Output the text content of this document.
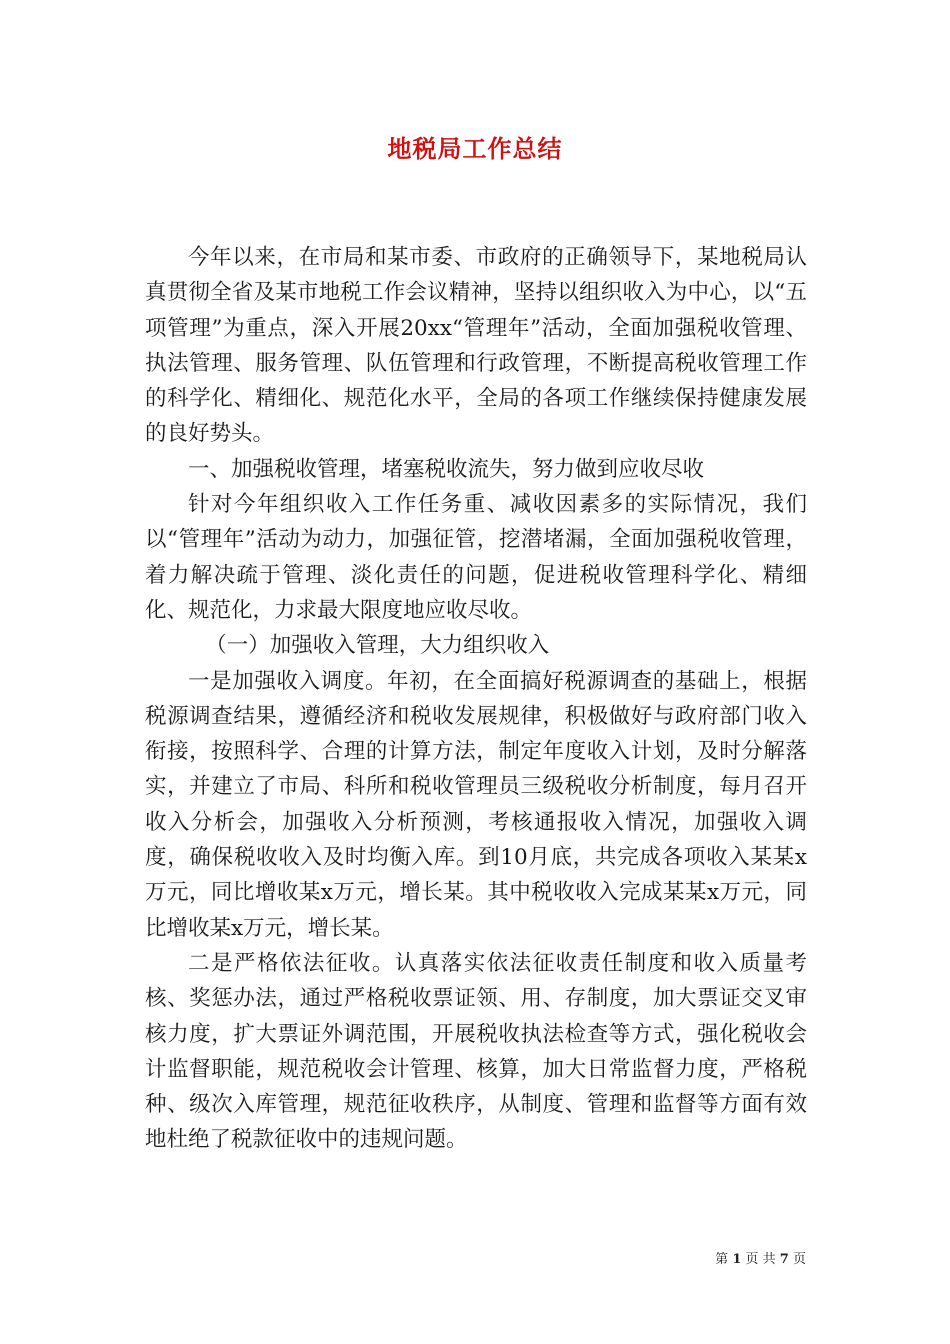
地税局工作总结

今年以来，在市局和某市委、市政府的正确领导下，某地税局认真贯彻全省及某市地税工作会议精神，坚持以组织收入为中心，以“五项管理”为重点，深入开展20xx“管理年”活动，全面加强税收管理、执法管理、服务管理、队伍管理和行政管理，不断提高税收管理工作的科学化、精细化、规范化水平，全局的各项工作继续保持健康发展的良好势头。

一、加强税收管理，堵塞税收流失，努力做到应收尽收

针对今年组织收入工作任务重、减收因素多的实际情况，我们以“管理年”活动为动力，加强征管，挖潜堵漏，全面加强税收管理，着力解决疏于管理、淡化责任的问题，促进税收管理科学化、精细化、规范化，力求最大限度地应收尽收。

（一）加强收入管理，大力组织收入

一是加强收入调度。年初，在全面搞好税源调查的基础上，根据税源调查结果，遵循经济和税收发展规律，积极做好与政府部门收入衔接，按照科学、合理的计算方法，制定年度收入计划，及时分解落实，并建立了市局、科所和税收管理员三级税收分析制度，每月召开收入分析会，加强收入分析预测，考核通报收入情况，加强收入调度，确保税收收入及时均衡入库。到10月底，共完成各项收入某某x万元，同比增收某x万元，增长某。其中税收收入完成某某x万元，同比增收某x万元，增长某。

二是严格依法征收。认真落实依法征收责任制度和收入质量考核、奖惩办法，通过严格税收票证领、用、存制度，加大票证交叉审核力度，扩大票证外调范围，开展税收执法检查等方式，强化税收会计监督职能，规范税收会计管理、核算，加大日常监督力度，严格税种、级次入库管理，规范征收秩序，从制度、管理和监督等方面有效地杜绝了税款征收中的违规问题。

第 1 页 共 7 页
